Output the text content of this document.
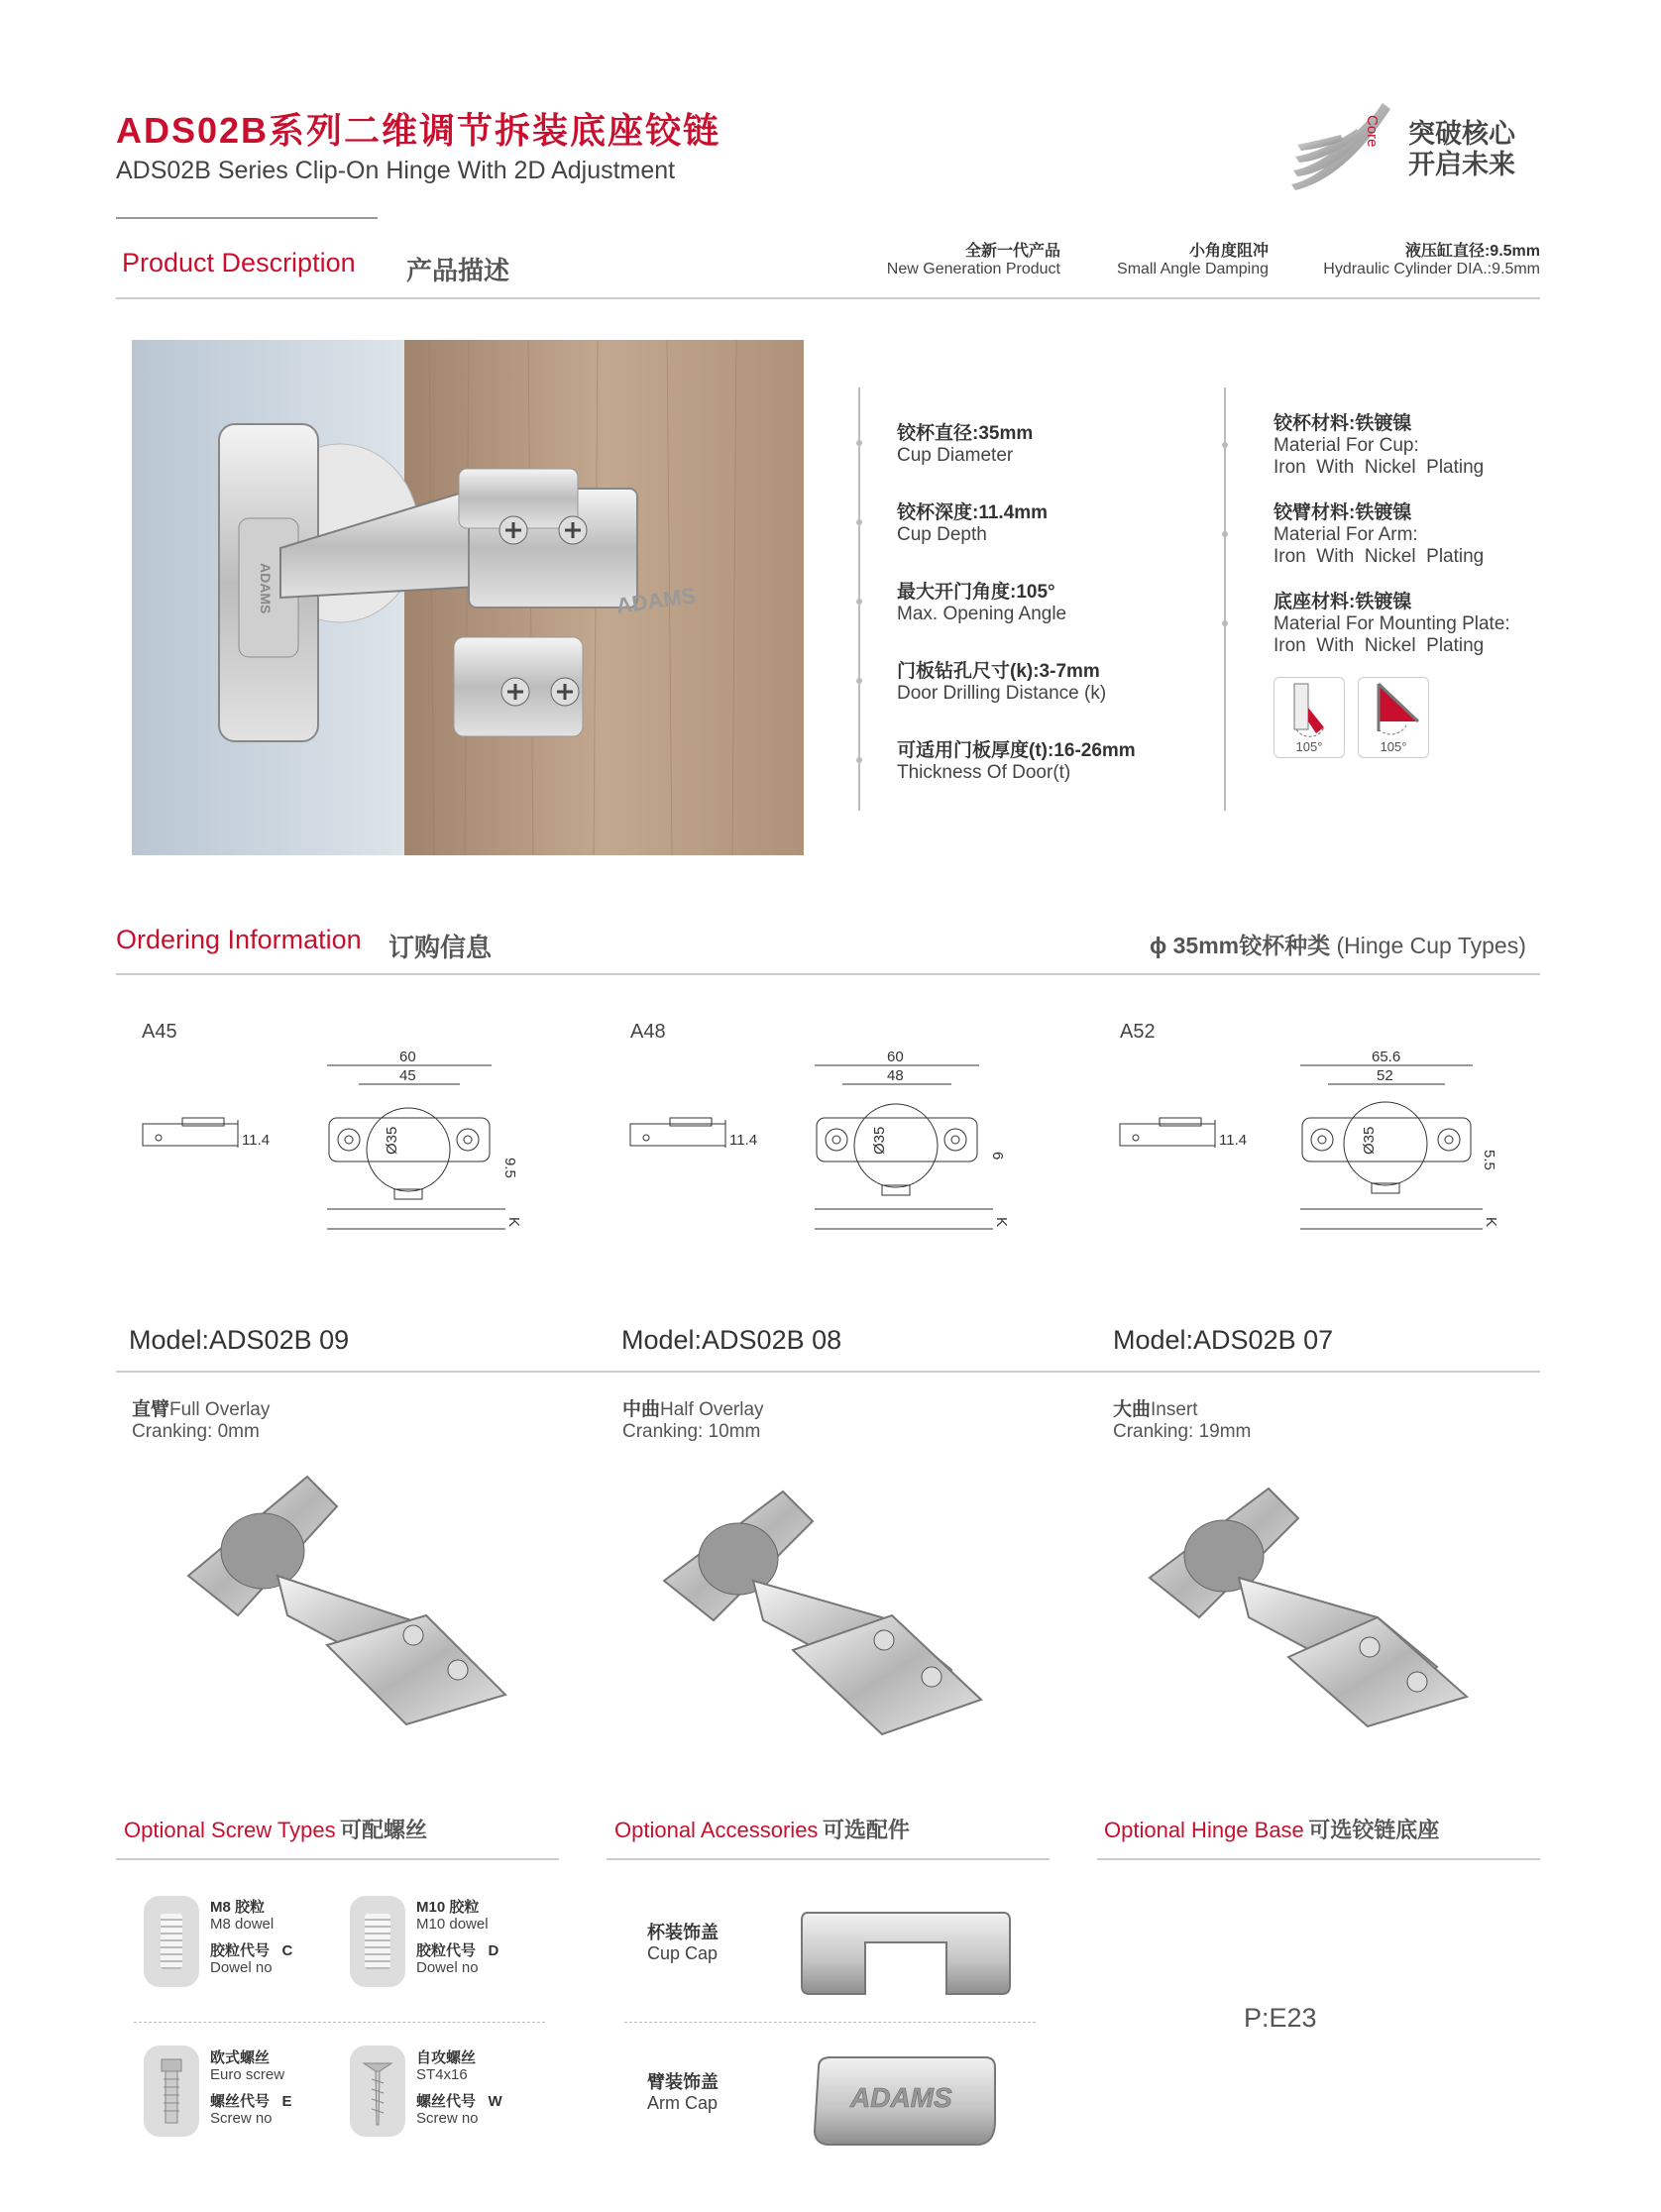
ADS02B系列二维调节拆装底座铰链
ADS02B Series Clip-On Hinge With 2D Adjustment
Core 突破核心
开启未来
Product Description 产品描述
全新一代产品
New Generation Product
小角度阻冲
Small Angle Damping
液压缸直径:9.5mm
Hydraulic Cylinder DIA.:9.5mm
ADAMS
ADAMS
铰杯直径:35mm
Cup Diameter
铰杯深度:11.4mm
Cup Depth
最大开门角度:105°
Max. Opening Angle
门板钻孔尺寸(k):3-7mm
Door Drilling Distance (k)
可适用门板厚度(t):16-26mm
Thickness Of Door(t)
铰杯材料:铁镀镍
Material For Cup:
Iron  With  Nickel  Plating
铰臂材料:铁镀镍
Material For Arm:
Iron  With  Nickel  Plating
底座材料:铁镀镍
Material For Mounting Plate:
Iron  With  Nickel  Plating
105°	105°
Ordering Information 订购信息	ϕ 35mm铰杯种类 (Hinge Cup Types)
A45	A48	A52
11.4
60
45
Ø35
9.5
K
11.4
60
48
Ø35
6
K
11.4
65.6
52
Ø35
5.5
K
Model:ADS02B 09	Model:ADS02B 08	Model:ADS02B 07
直臂Full Overlay
Cranking: 0mm
中曲Half Overlay
Cranking: 10mm
大曲Insert
Cranking: 19mm
Optional Screw Types 可配螺丝	Optional Accessories 可选配件	Optional Hinge Base 可选铰链底座
M8 胶粒
M8 dowel
胶粒代号 C
Dowel no
M10 胶粒
M10 dowel
胶粒代号 D
Dowel no
欧式螺丝
Euro screw
螺丝代号 E
Screw no
自攻螺丝
ST4x16
螺丝代号 W
Screw no
杯装饰盖
Cup Cap
臂装饰盖
Arm Cap	ADAMS
P:E23
